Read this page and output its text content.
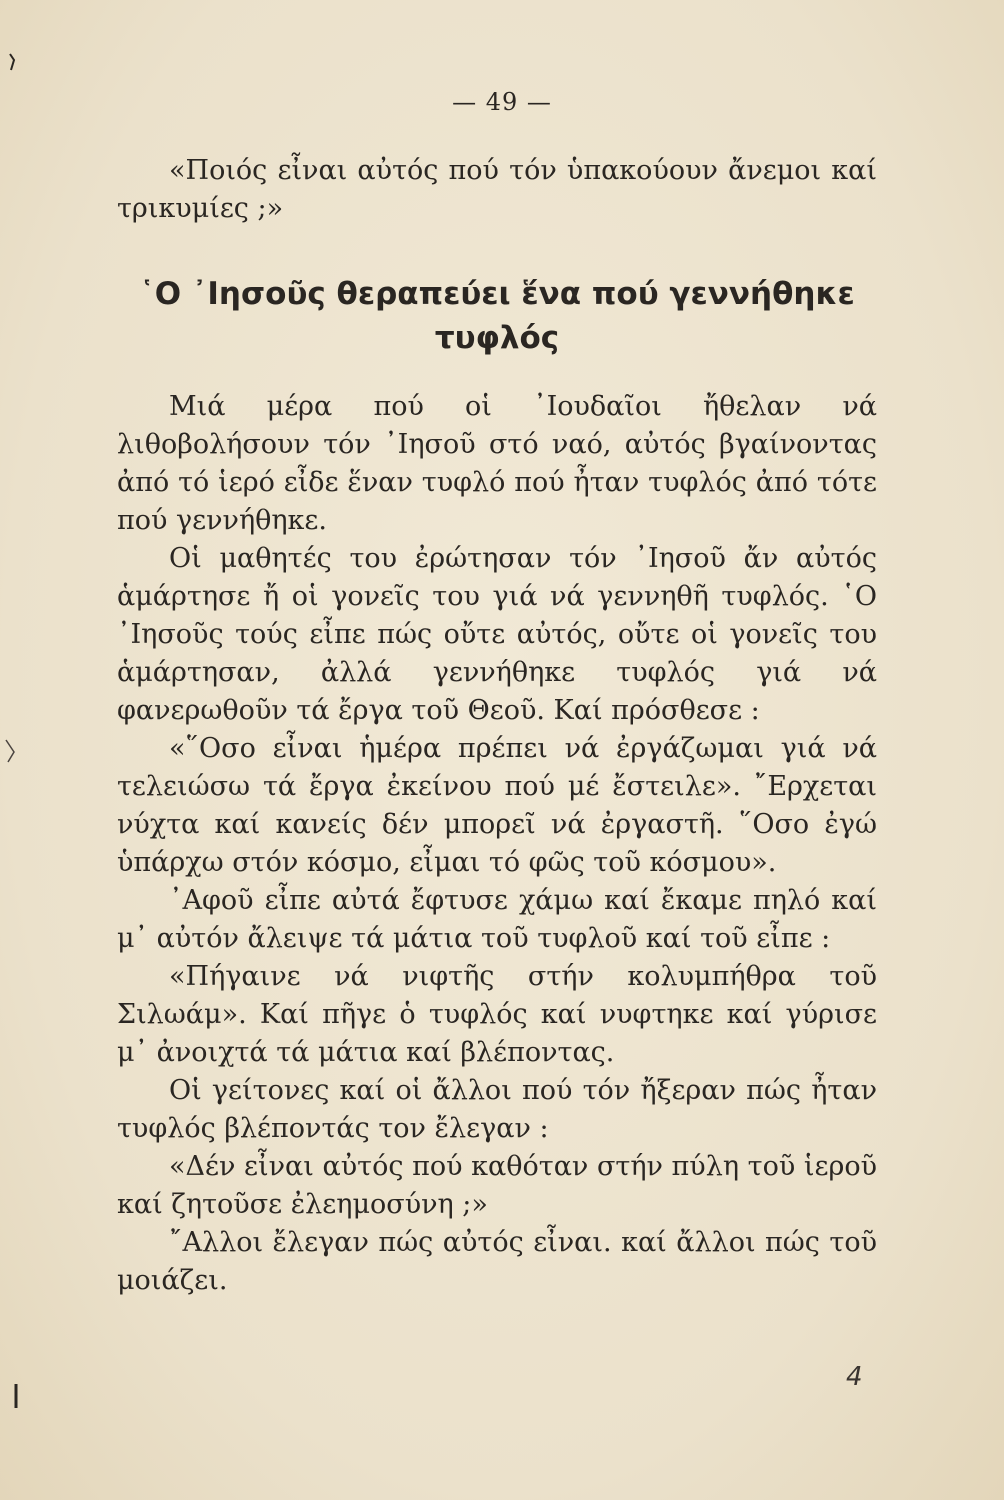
— 49 —

«Ποιός εἶναι αὐτός πού τόν ὑπακούουν ἄνεμοι καί τρικυμίες ;»

῾Ο ᾿Ιησοῦς θεραπεύει ἕνα πού γεννήθηκε τυφλός

Μιά μέρα πού οἱ ᾿Ιουδαῖοι ἤθελαν νά λιθοβολήσουν τόν ᾿Ιησοῦ στό ναό, αὐτός βγαίνοντας ἀπό τό ἱερό εἶδε ἕναν τυφλό πού ἦταν τυφλός ἀπό τότε πού γεννήθηκε.

Οἱ μαθητές του ἐρώτησαν τόν ᾿Ιησοῦ ἄν αὐτός ἁμάρτησε ἤ οἱ γονεῖς του γιά νά γεννηθῆ τυφλός. ῾Ο ᾿Ιησοῦς τούς εἶπε πώς οὔτε αὐτός, οὔτε οἱ γονεῖς του ἁμάρτησαν, ἀλλά γεννήθηκε τυφλός γιά νά φανερωθοῦν τά ἔργα τοῦ Θεοῦ. Καί πρόσθεσε :

«῞Οσο εἶναι ἡμέρα πρέπει νά ἐργάζωμαι γιά νά τελειώσω τά ἔργα ἐκείνου πού μέ ἔστειλε». ῎Ερχεται νύχτα καί κανείς δέν μπορεῖ νά ἐργαστῆ. ῞Οσο ἐγώ ὑπάρχω στόν κόσμο, εἶμαι τό φῶς τοῦ κόσμου».

᾿Αφοῦ εἶπε αὐτά ἔφτυσε χάμω καί ἔκαμε πηλό καί μ᾿ αὐτόν ἄλειψε τά μάτια τοῦ τυφλοῦ καί τοῦ εἶπε :

«Πήγαινε νά νιφτῆς στήν κολυμπήθρα τοῦ Σιλωάμ». Καί πῆγε ὁ τυφλός καί νυφτηκε καί γύρισε μ᾿ ἀνοιχτά τά μάτια καί βλέποντας.

Οἱ γείτονες καί οἱ ἄλλοι πού τόν ἤξεραν πώς ἦταν τυφλός βλέποντάς τον ἔλεγαν :

«Δέν εἶναι αὐτός πού καθόταν στήν πύλη τοῦ ἱεροῦ καί ζητοῦσε ἐλεημοσύνη ;»

῎Αλλοι ἔλεγαν πώς αὐτός εἶναι. καί ἄλλοι πώς τοῦ μοιάζει.

4
